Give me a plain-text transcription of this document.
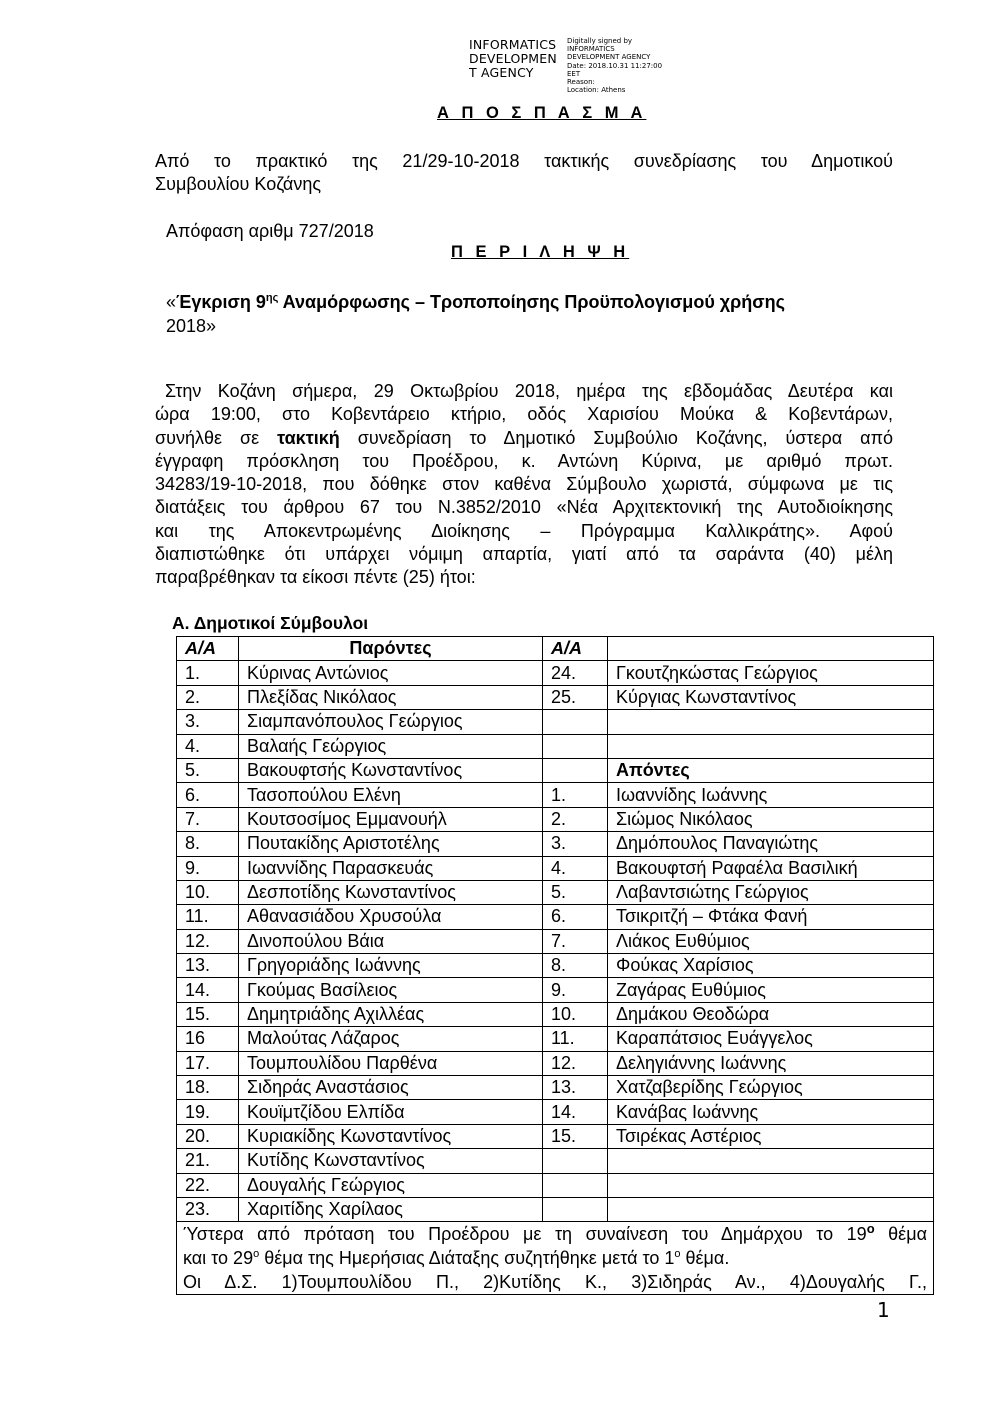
INFORMATICS
DEVELOPMEN
T AGENCY
Digitally signed by
INFORMATICS
DEVELOPMENT AGENCY
Date: 2018.10.31 11:27:00
EET
Reason:
Location: Athens
Α Π Ο Σ Π Α Σ Μ Α
Από το πρακτικό της 21/29-10-2018 τακτικής συνεδρίασης του Δημοτικού
Συμβουλίου Κοζάνης
Απόφαση αριθμ 727/2018
Π Ε Ρ Ι Λ Η Ψ Η
«Έγκριση $9^{\eta\varsigma}$ Αναμόρφωσης – Τροποποίησης Προϋπολογισμού χρήσης
2018»
Στην Κοζάνη σήμερα, 29 Οκτωβρίου 2018, ημέρα της εβδομάδας Δευτέρα και
ώρα 19:00, στο Κοβεντάρειο κτήριο, οδός Χαρισίου Μούκα & Κοβεντάρων,
συνήλθε σε τακτική συνεδρίαση το Δημοτικό Συμβούλιο Κοζάνης, ύστερα από
έγγραφη πρόσκληση του Προέδρου, κ. Αντώνη Κύρινα, με αριθμό πρωτ.
34283/19-10-2018, που δόθηκε στον καθένα Σύμβουλο χωριστά, σύμφωνα με τις
διατάξεις του άρθρου 67 του Ν.3852/2010 «Νέα Αρχιτεκτονική της Αυτοδιοίκησης
και της Αποκεντρωμένης Διοίκησης – Πρόγραμμα Καλλικράτης». Αφού
διαπιστώθηκε ότι υπάρχει νόμιμη απαρτία, γιατί από τα σαράντα (40) μέλη
παραβρέθηκαν τα είκοσι πέντε (25) ήτοι:
Α. Δημοτικοί Σύμβουλοι
Α/Α	Παρόντες	Α/Α	
1.	Κύρινας Αντώνιος	24.	Γκουτζηκώστας Γεώργιος
2.	Πλεξίδας Νικόλαος	25.	Κύργιας Κωνσταντίνος
3.	Σιαμπανόπουλος Γεώργιος		
4.	Βαλαής Γεώργιος		
5.	Βακουφτσής Κωνσταντίνος		Απόντες
6.	Τασοπούλου Ελένη	1.	Ιωαννίδης Ιωάννης
7.	Κουτσοσίμος Εμμανουήλ	2.	Σιώμος Νικόλαος
8.	Πουτακίδης Αριστοτέλης	3.	Δημόπουλος Παναγιώτης
9.	Ιωαννίδης Παρασκευάς	4.	Βακουφτσή Ραφαέλα Βασιλική
10.	Δεσποτίδης Κωνσταντίνος	5.	Λαβαντσιώτης Γεώργιος
11.	Αθανασιάδου Χρυσούλα	6.	Τσικριτζή – Φτάκα Φανή
12.	Δινοπούλου Βάια	7.	Λιάκος Ευθύμιος
13.	Γρηγοριάδης Ιωάννης	8.	Φούκας Χαρίσιος
14.	Γκούμας Βασίλειος	9.	Ζαγάρας Ευθύμιος
15.	Δημητριάδης Αχιλλέας	10.	Δημάκου Θεοδώρα
16	Μαλούτας Λάζαρος	11.	Καραπάτσιος Ευάγγελος
17.	Τουμπουλίδου Παρθένα	12.	Δεληγιάννης Ιωάννης
18.	Σιδηράς Αναστάσιος	13.	Χατζαβερίδης Γεώργιος
19.	Κουϊμτζίδου Ελπίδα	14.	Κανάβας Ιωάννης
20.	Κυριακίδης Κωνσταντίνος	15.	Τσιρέκας Αστέριος
21.	Κυτίδης Κωνσταντίνος		
22.	Δουγαλής Γεώργιος		
23.	Χαριτίδης Χαρίλαος		

Ύστερα από πρόταση του Προέδρου με τη συναίνεση του Δημάρχου το $19^o$ θέμα
και το $29^o$ θέμα της Ημερήσιας Διάταξης συζητήθηκε μετά το $1^o$ θέμα.
Οι Δ.Σ. 1)Τουμπουλίδου Π., 2)Κυτίδης Κ., 3)Σιδηράς Αν., 4)Δουγαλής Γ.,			
1
